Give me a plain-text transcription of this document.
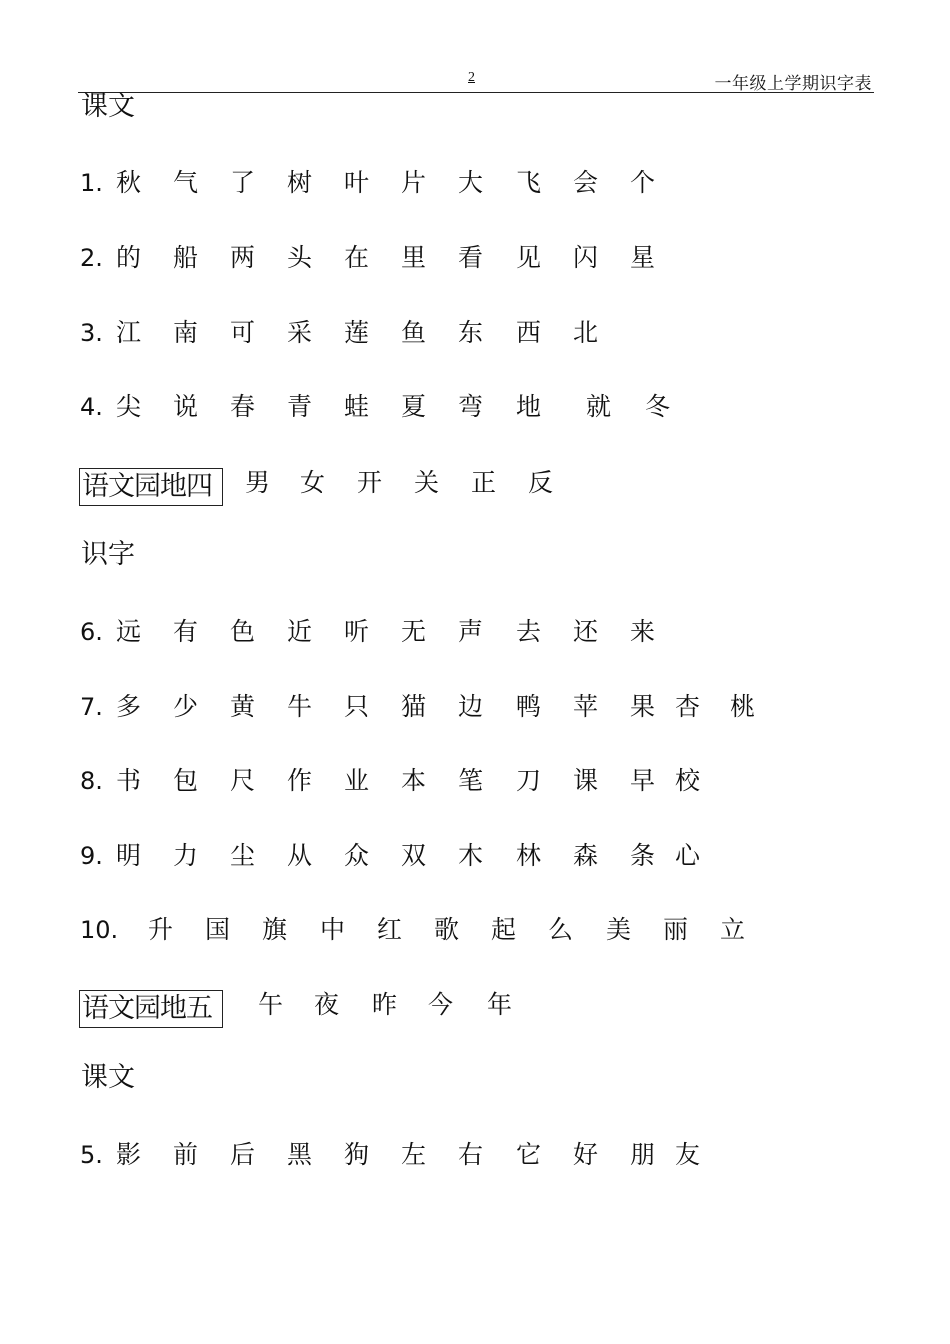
2	一年级上学期识字表
课文
1. 秋 气 了 树 叶 片 大 飞 会 个
2. 的 船 两 头 在 里 看 见 闪 星
3. 江 南 可 采 莲 鱼 东 西 北
4. 尖 说 春 青 蛙 夏 弯 地 就 冬
语文园地四	男 女 开 关 正 反
识字
6. 远 有 色 近 听 无 声 去 还 来
7. 多 少 黄 牛 只 猫 边 鸭 苹 果 杏 桃
8. 书 包 尺 作 业 本 笔 刀 课 早 校
9. 明 力 尘 从 众 双 木 林 森 条 心
10. 升 国 旗 中 红 歌 起 么 美 丽 立
语文园地五	午 夜 昨 今 年
课文
5. 影 前 后 黑 狗 左 右 它 好 朋 友
